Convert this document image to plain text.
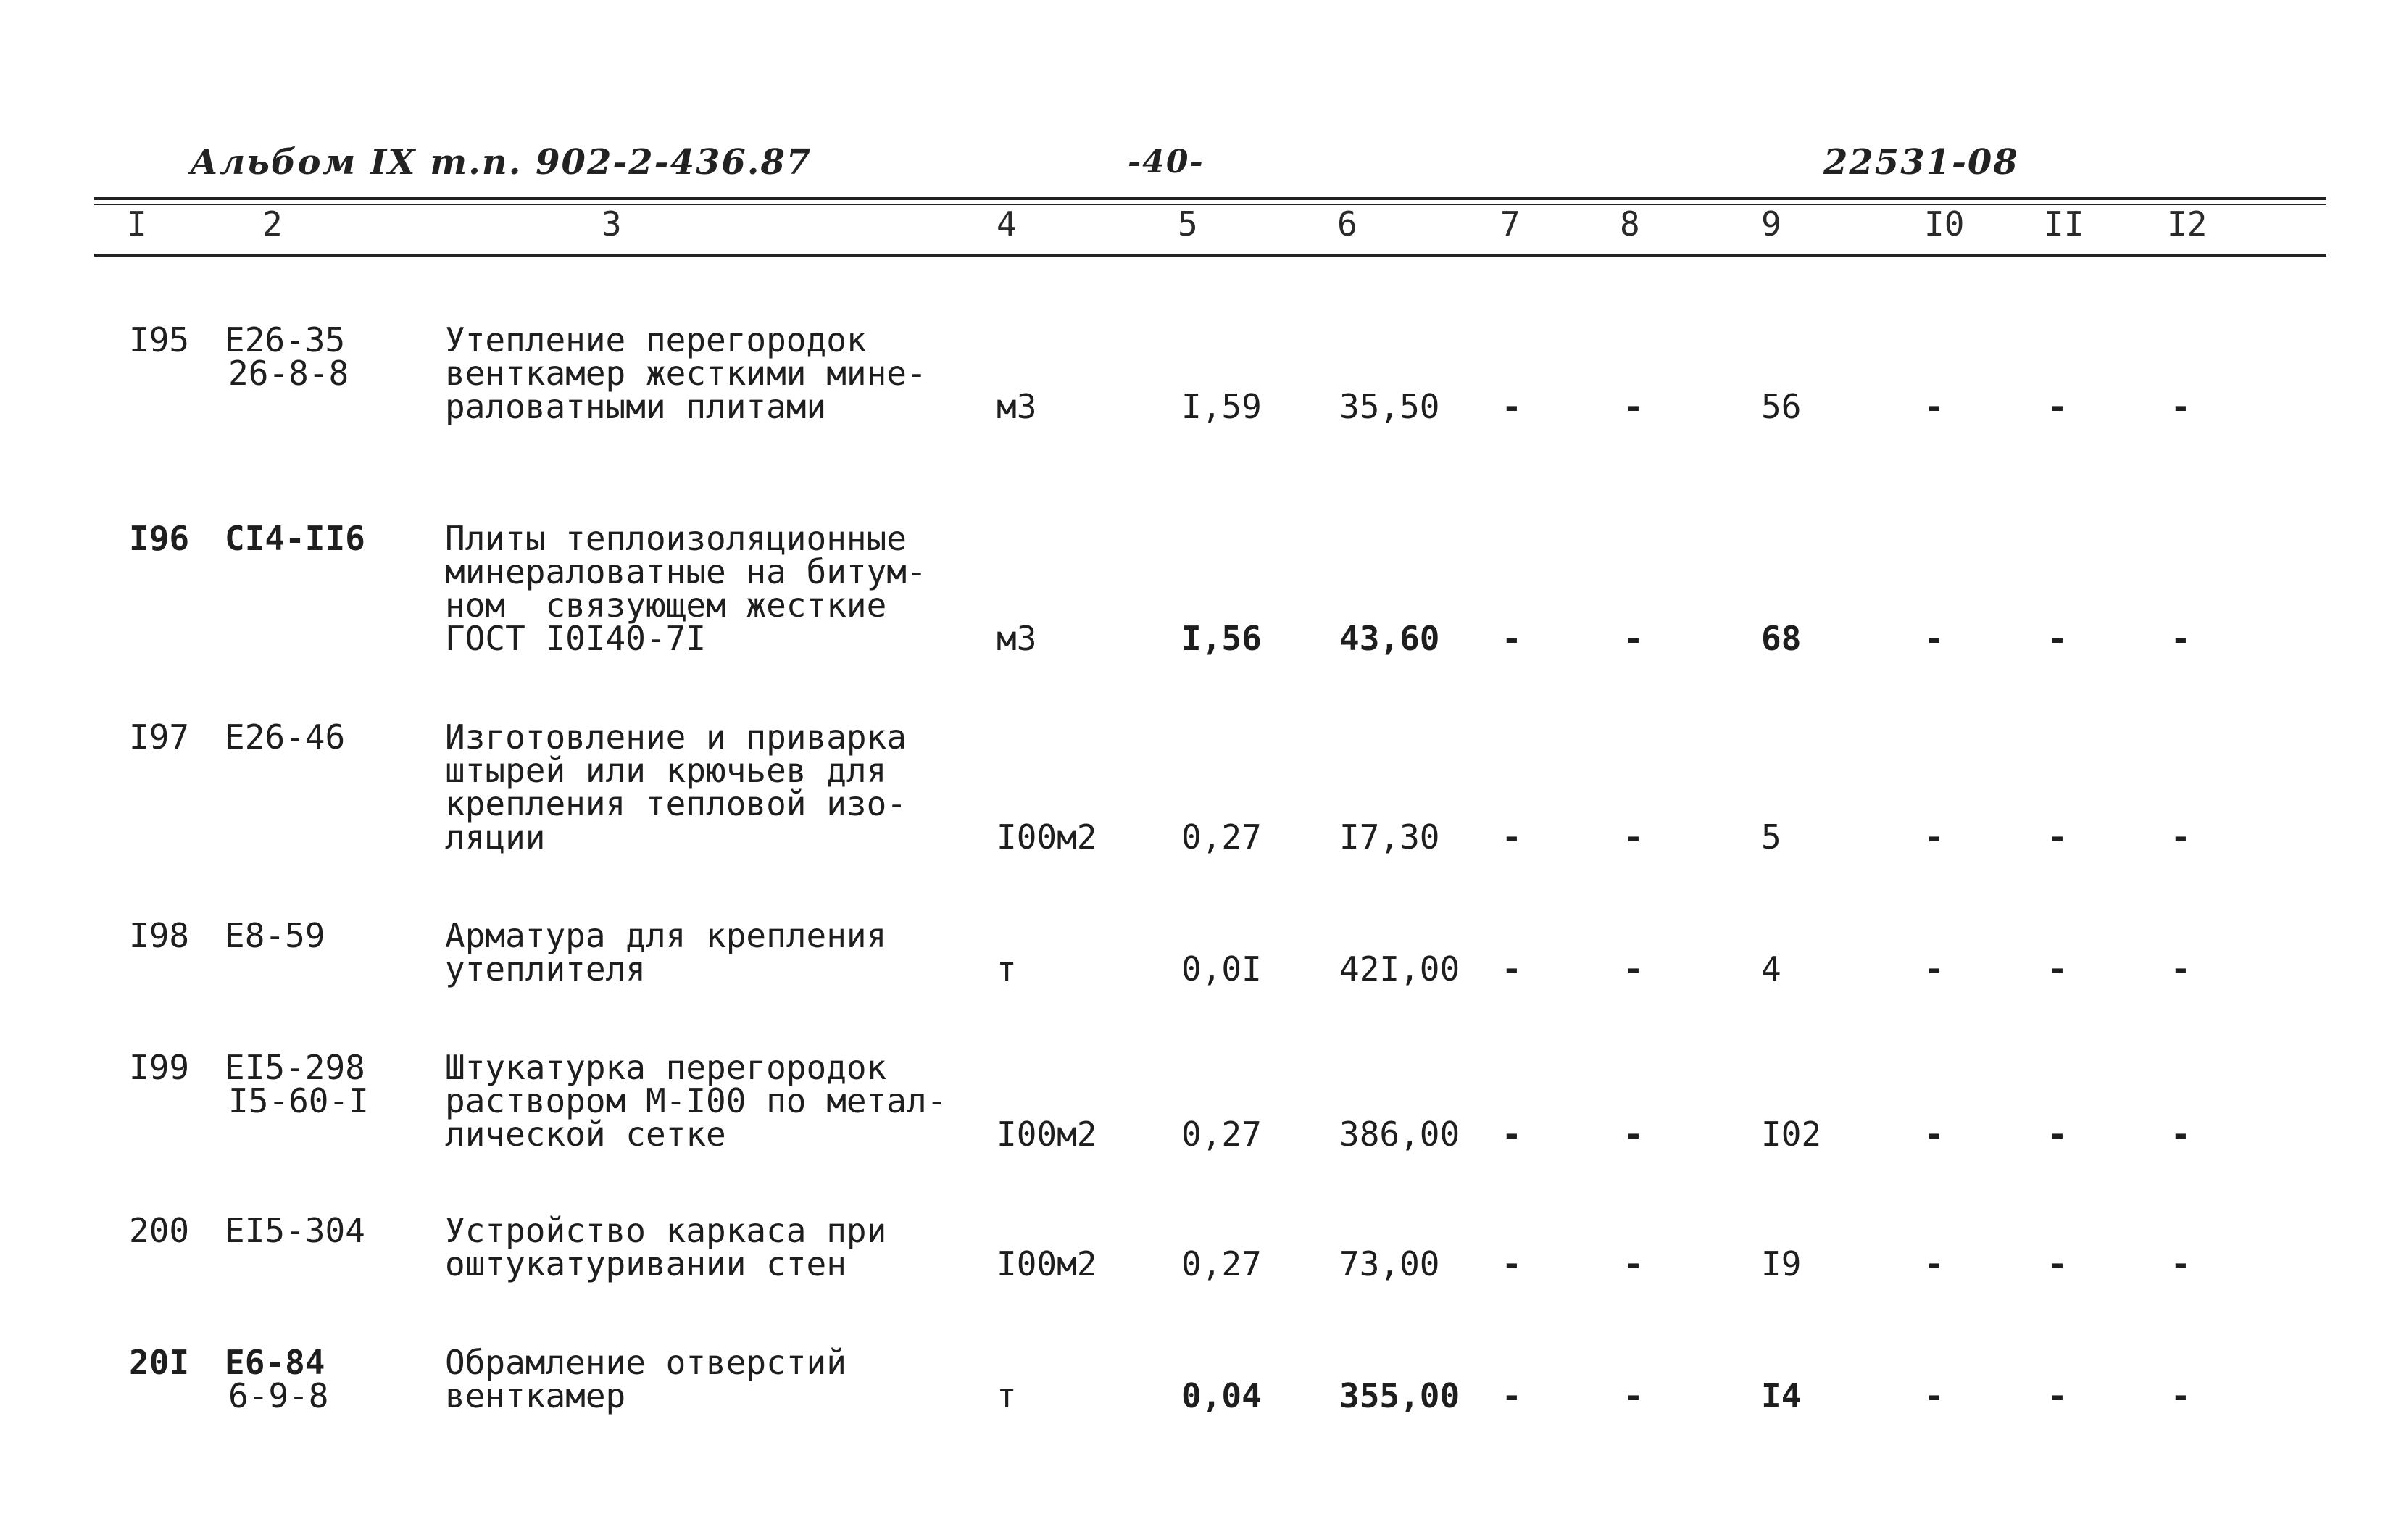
Альбом IX т.п. 902-2-436.87	-40-	22531-08
I	2	3	4	5	6	7	8	9	I0 II I2
I95 E26-35
26-8-8
Утепление перегородок
венткамер жесткими мине-
раловатными плитами	м3	I,59 35,50 -	-	56	-	-	-
I96 CI4-II6 Плиты теплоизоляционные
минераловатные на битум-
ном  связующем жесткие
ГОСТ I0I40-7I	м3	I,56 43,60 -	-	68	-	-	-
I97 E26-46	Изготовление и приварка
штырей или крючьев для
крепления тепловой изо-
ляции	I00м2	0,27 I7,30 -	-	5	-	-	-
I98 E8-59	Арматура для крепления
утеплителя	т	0,0I 42I,00 -	-	4	-	-	-
I99 EI5-298
I5-60-I
Штукатурка перегородок
раствором М-I00 по метал-
лической сетке	I00м2	0,27 386,00 -	-	I02	-	-	-
200 EI5-304 Устройство каркаса при
оштукатуривании стен	I00м2	0,27 73,00 -	-	I9	-	-	-
20I E6-84
6-9-8
Обрамление отверстий
венткамер	т	0,04 355,00 -	-	I4	-	-	-
